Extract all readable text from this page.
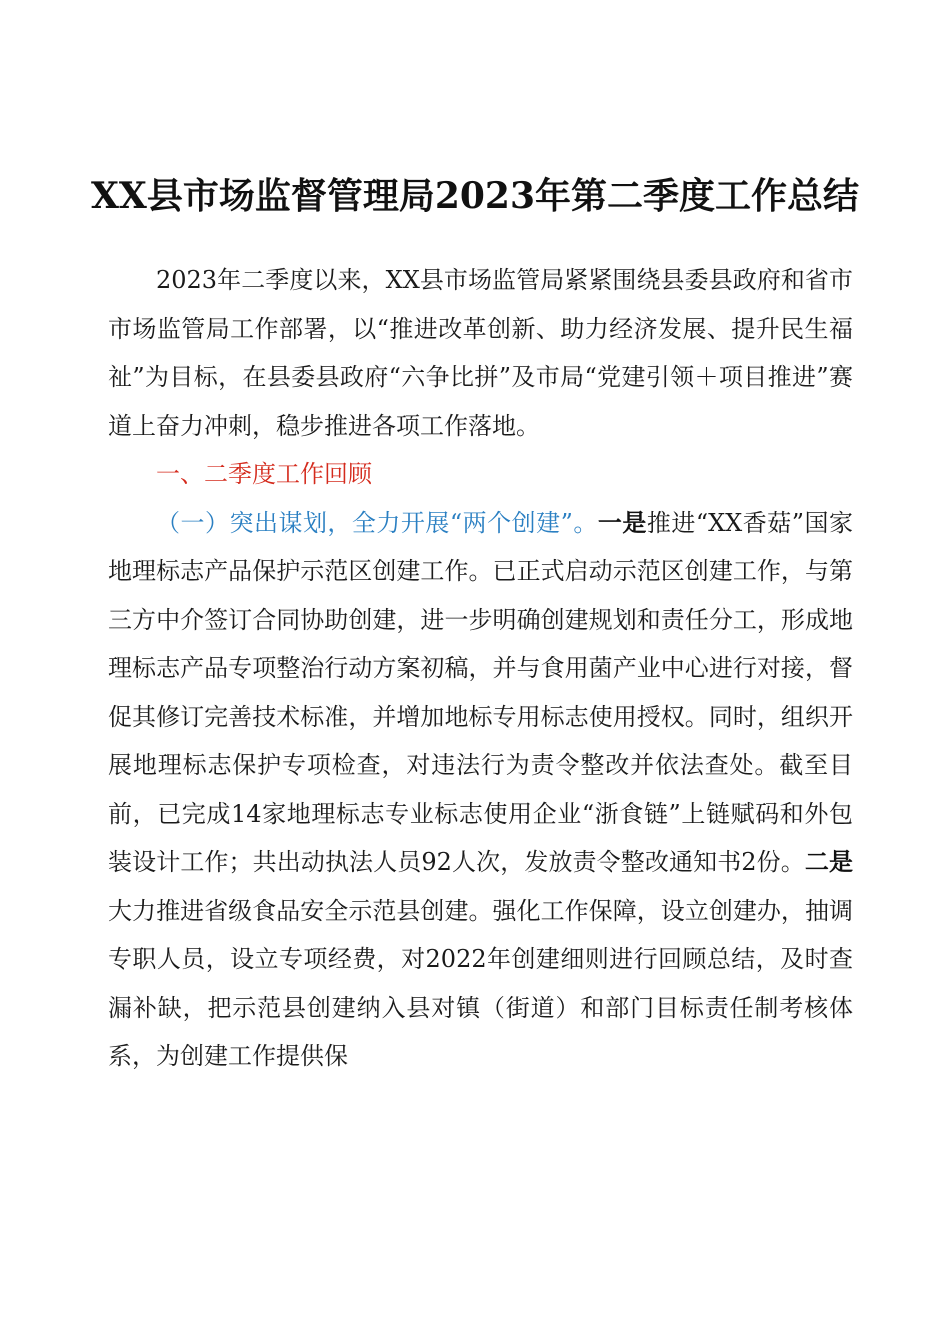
XX县市场监督管理局2023年第二季度工作总结

2023年二季度以来，XX县市场监管局紧紧围绕县委县政府和省市市场监管局工作部署，以“推进改革创新、助力经济发展、提升民生福祉”为目标，在县委县政府“六争比拼”及市局“党建引领＋项目推进”赛道上奋力冲刺，稳步推进各项工作落地。

一、二季度工作回顾

（一）突出谋划，全力开展“两个创建”。一是推进“XX香菇”国家地理标志产品保护示范区创建工作。已正式启动示范区创建工作，与第三方中介签订合同协助创建，进一步明确创建规划和责任分工，形成地理标志产品专项整治行动方案初稿，并与食用菌产业中心进行对接，督促其修订完善技术标准，并增加地标专用标志使用授权。同时，组织开展地理标志保护专项检查，对违法行为责令整改并依法查处。截至目前，已完成14家地理标志专业标志使用企业“浙食链”上链赋码和外包装设计工作；共出动执法人员92人次，发放责令整改通知书2份。二是大力推进省级食品安全示范县创建。强化工作保障，设立创建办，抽调专职人员，设立专项经费，对2022年创建细则进行回顾总结，及时查漏补缺，把示范县创建纳入县对镇（街道）和部门目标责任制考核体系，为创建工作提供保
